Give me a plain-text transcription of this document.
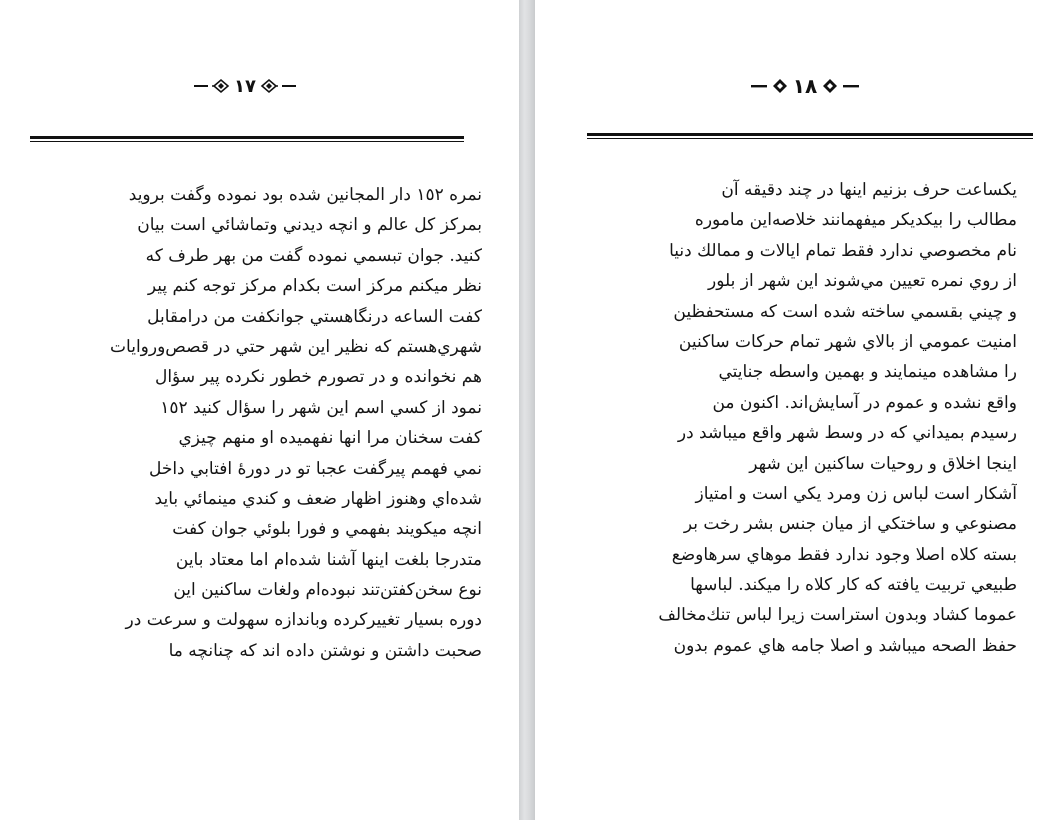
١٧
نمره ١٥٢ دار المجانين شده بود نموده وگفت برويد
بمركز كل عالم و انچه ديدني وتماشائي است بيان
كنيد. جوان تبسمي نموده گفت من بهر طرف كه
نظر ميكنم مركز است بكدام مركز توجه كنم پير
كفت الساعه درنگاهستي جوانكفت من درامقابل
شهري‌هستم كه نظير اين شهر حتي در قصص‌وروايات
هم نخوانده و در تصورم خطور نكرده پير سؤال
نمود از كسي اسم اين شهر را سؤال كنيد ١٥٢
كفت سخنان مرا انها نفهميده او منهم چيزي
نمي فهمم پيرگفت عجبا تو در دورهٔ افتابي داخل
شده‌اي وهنوز اظهار ضعف و كندي مينمائي بايد
انچه ميكويند بفهمي و فورا بلوئي جوان كفت
متدرجا بلغت اينها آشنا شده‌ام اما معتاد باين
نوع سخن‌كفتن‌تند نبوده‌ام ولغات ساكنين اين
دوره بسيار تغييركرده وباندازه سهولت و سرعت در
صحبت داشتن و نوشتن داده اند كه چنانچه ما
١٨
يكساعت حرف بزنيم اينها در چند دقيقه آن
مطالب را بيكديكر ميفهمانند خلاصه‌اين ماموره
نام مخصوصي ندارد فقط تمام ايالات و ممالك دنيا
از روي نمره تعيين مي‌شوند اين شهر از بلور
و چيني بقسمي ساخته شده است كه مستحفظين
امنيت عمومي از بالاي شهر تمام حركات ساكنين
را مشاهده مينمايند و بهمين واسطه جنايتي
واقع نشده و عموم در آسايش‌اند. اكنون من
رسيدم بميداني كه در وسط شهر واقع ميباشد در
اينجا اخلاق و روحيات ساكنين اين شهر
آشكار است لباس زن ومرد يكي است و امتياز
مصنوعي و ساختكي از ميان جنس بشر رخت بر
بسته كلاه اصلا وجود ندارد فقط موهاي سرها‌وضع
طبيعي تربيت يافته كه كار كلاه را ميكند. لباسها
عموما كشاد وبدون استراست زيرا لباس تنك‌مخالف
حفظ الصحه ميباشد و اصلا جامه هاي عموم بدون
